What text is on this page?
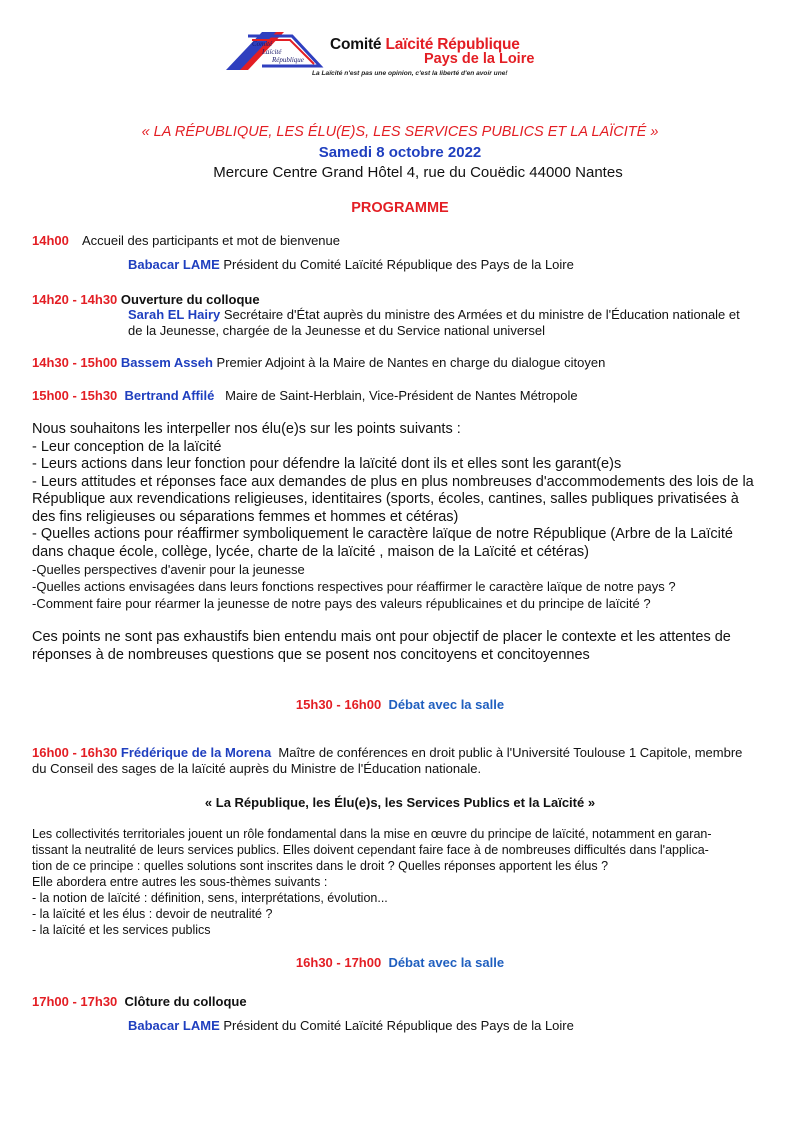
Comité
Laïcité
République
Comité Laïcité République
Pays de la Loire
La Laïcité n'est pas une opinion, c'est la liberté d'en avoir une!
« LA RÉPUBLIQUE, LES ÉLU(E)S, LES SERVICES PUBLICS ET LA LAÏCITÉ »
Samedi 8 octobre 2022
Mercure Centre Grand Hôtel 4, rue du Couëdic 44000 Nantes
PROGRAMME
14h00 Accueil des participants et mot de bienvenue
Babacar LAME Président du Comité Laïcité République des Pays de la Loire
14h20 - 14h30 Ouverture du colloque
Sarah EL Hairy Secrétaire d'État auprès du ministre des Armées et du ministre de l'Éducation nationale et
de la Jeunesse, chargée de la Jeunesse et du Service national universel
14h30 - 15h00 Bassem Asseh Premier Adjoint à la Maire de Nantes en charge du dialogue citoyen
15h00 - 15h30 Bertrand Affilé Maire de Saint-Herblain, Vice-Président de Nantes Métropole
Nous souhaitons les interpeller nos élu(e)s sur les points suivants :
- Leur conception de la laïcité
- Leurs actions dans leur fonction pour défendre la laïcité dont ils et elles sont les garant(e)s
- Leurs attitudes et réponses face aux demandes de plus en plus nombreuses d'accommodements des lois de la
République aux revendications religieuses, identitaires (sports, écoles, cantines, salles publiques privatisées à
des fins religieuses ou séparations femmes et hommes et cétéras)
- Quelles actions pour réaffirmer symboliquement le caractère laïque de notre République (Arbre de la Laïcité
dans chaque école, collège, lycée, charte de la laïcité , maison de la Laïcité et cétéras)
-Quelles perspectives d'avenir pour la jeunesse
-Quelles actions envisagées dans leurs fonctions respectives pour réaffirmer le caractère laïque de notre pays ?
-Comment faire pour réarmer la jeunesse de notre pays des valeurs républicaines et du principe de laïcité ?
Ces points ne sont pas exhaustifs bien entendu mais ont pour objectif de placer le contexte et les attentes de
réponses à de nombreuses questions que se posent nos concitoyens et concitoyennes
15h30 - 16h00 Débat avec la salle
16h00 - 16h30 Frédérique de la Morena Maître de conférences en droit public à l'Université Toulouse 1 Capitole, membre
du Conseil des sages de la laïcité auprès du Ministre de l'Éducation nationale.
« La République, les Élu(e)s, les Services Publics et la Laïcité »
Les collectivités territoriales jouent un rôle fondamental dans la mise en œuvre du principe de laïcité, notamment en garan-
tissant la neutralité de leurs services publics. Elles doivent cependant faire face à de nombreuses difficultés dans l'applica-
tion de ce principe : quelles solutions sont inscrites dans le droit ? Quelles réponses apportent les élus ?
Elle abordera entre autres les sous-thèmes suivants :
- la notion de laïcité : définition, sens, interprétations, évolution...
- la laïcité et les élus : devoir de neutralité ?
- la laïcité et les services publics
16h30 - 17h00 Débat avec la salle
17h00 - 17h30 Clôture du colloque
Babacar LAME Président du Comité Laïcité République des Pays de la Loire
